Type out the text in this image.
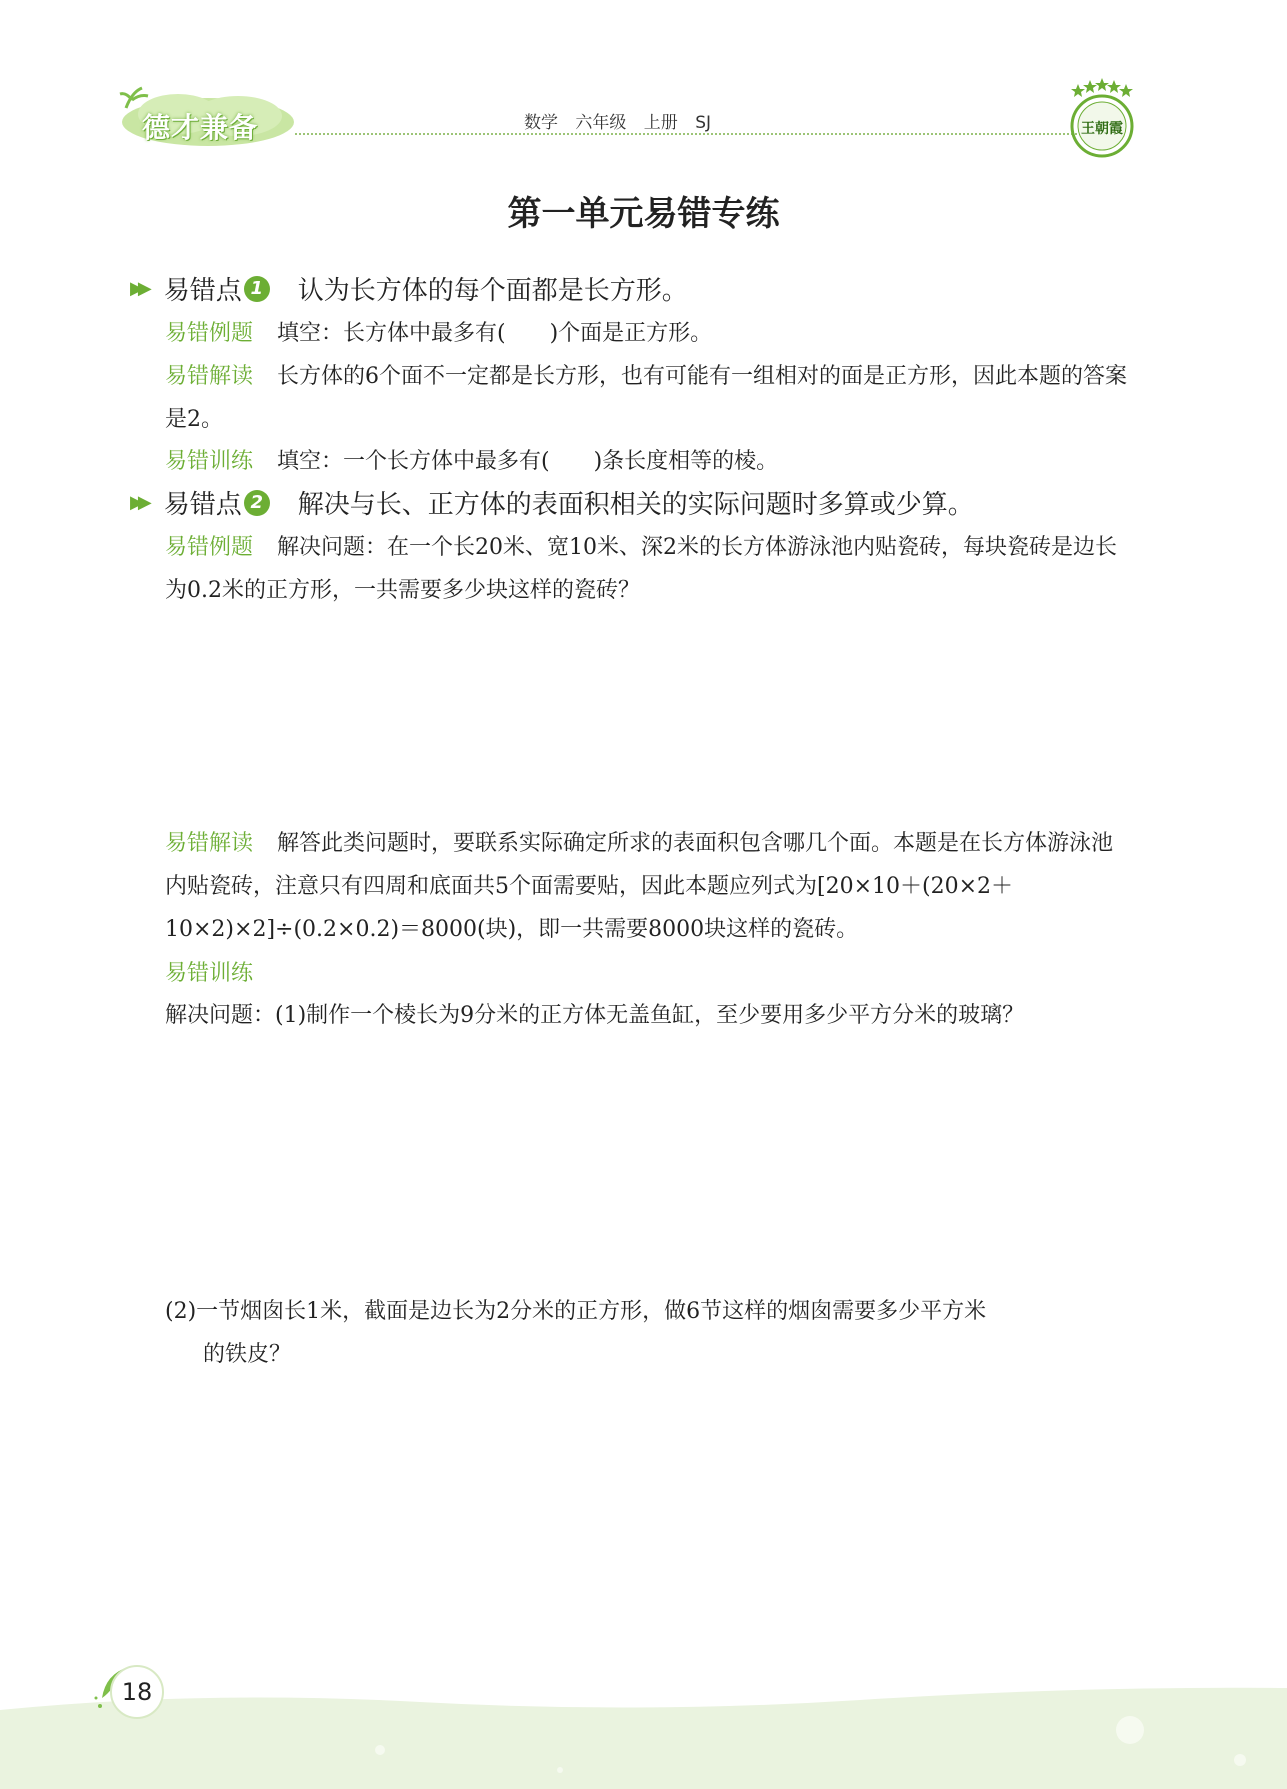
德才兼备	数学 六年级 上册 SJ	王朝霞
第一单元易错专练
▶▶ 易错点 1 认为长方体的每个面都是长方形。
易错例题 填空：长方体中最多有(　　)个面是正方形。
易错解读 长方体的6个面不一定都是长方形，也有可能有一组相对的面是正方形，因此本题的答案是2。
易错训练 填空：一个长方体中最多有(　　)条长度相等的棱。
▶▶ 易错点 2 解决与长、正方体的表面积相关的实际问题时多算或少算。
易错例题 解决问题：在一个长20米、宽10米、深2米的长方体游泳池内贴瓷砖，每块瓷砖是边长为0.2米的正方形，一共需要多少块这样的瓷砖？
易错解读 解答此类问题时，要联系实际确定所求的表面积包含哪几个面。本题是在长方体游泳池内贴瓷砖，注意只有四周和底面共5个面需要贴，因此本题应列式为[20×10＋(20×2＋10×2)×2]÷(0.2×0.2)＝8000(块)，即一共需要8000块这样的瓷砖。
易错训练
解决问题：(1)制作一个棱长为9分米的正方体无盖鱼缸，至少要用多少平方分米的玻璃？
(2)一节烟囱长1米，截面是边长为2分米的正方形，做6节这样的烟囱需要多少平方米
的铁皮？
18
